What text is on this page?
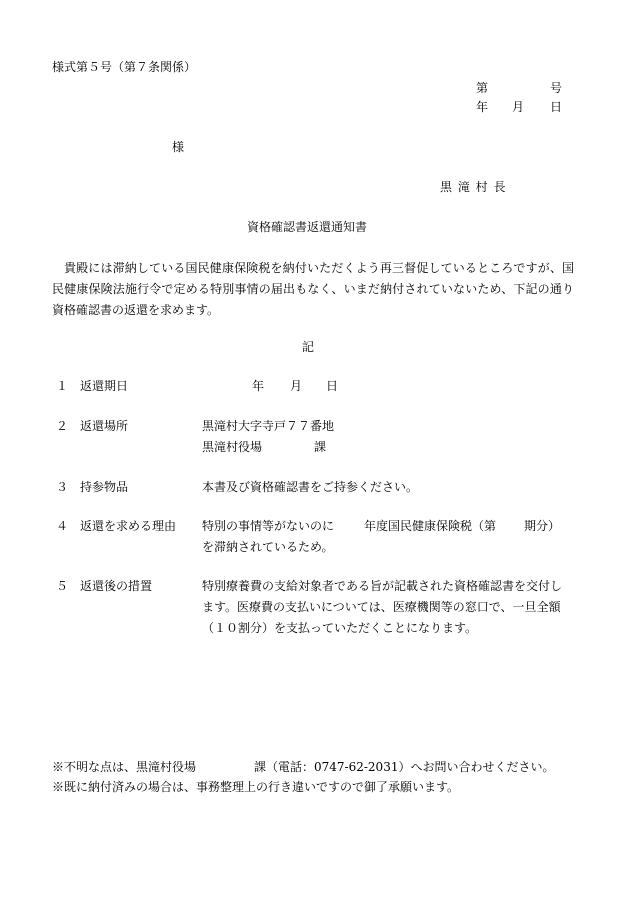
様式第５号（第７条関係）
第	号
年 月 日
様
黒 滝 村 長
資格確認書返還通知書
貴殿には滞納している国民健康保険税を納付いただくよう再三督促しているところですが、国民健康保険法施行令で定める特別事情の届出もなく、いまだ納付されていないため、下記の通り資格確認書の返還を求めます。
記
１ 返還期日	年 月 日
２ 返還場所	黒滝村大字寺戸７７番地
黒滝村役場	課
３ 持参物品	本書及び資格確認書をご持参ください。
４ 返還を求める理由 特別の事情等がないのに 年度国民健康保険税（第 期分）
を滞納されているため。
５ 返還後の措置	特別療養費の支給対象者である旨が記載された資格確認書を交付します。医療費の支払いについては、医療機関等の窓口で、一旦全額（１０割分）を支払っていただくことになります。
※不明な点は、黒滝村役場	課（電話：0747-62-2031）へお問い合わせください。
※既に納付済みの場合は、事務整理上の行き違いですので御了承願います。
